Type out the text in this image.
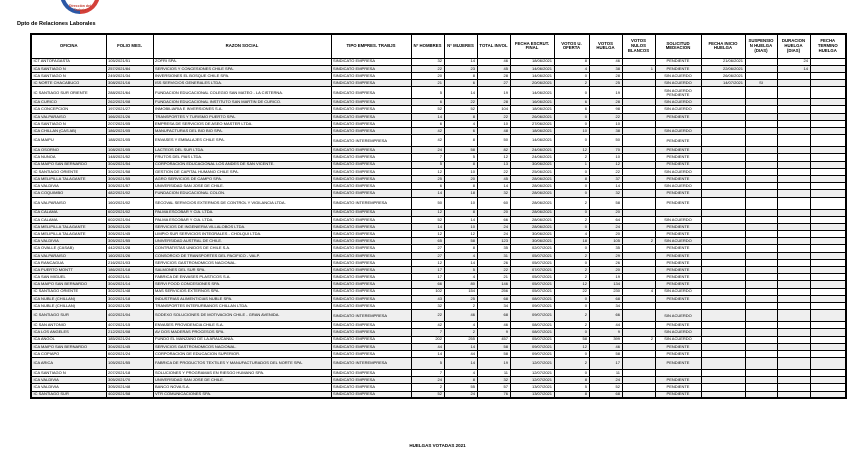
Dirección del
Trabajo
Dpto de Relaciones Laborales
OFICINA	FOLIO MES.	RAZON SOCIAL	TIPO EMPRES. TRABJS	N° HOMBRES	N° MUJERES	TOTAL INVOL	FECHA ESCRUT. FINAL	VOTOS U. OFERTA	VOTOS HUELGA	VOTOS NULOS BLANCOS	SOLICITUD MEDIACION	FECHA INICIO HUELGA	SUSPENSIO N HUELGA (DIAS)	DURACION HUELGA (DIAS)	FECHA TERMINO HUELGA
ICT ANTOFAGASTA	105/2021/51	ZOFRI SPA.	SINDICATO EMPRESA	32	14	46	18/06/2021	8	46		PENDIENTE	21/06/2021		24	
ICA SANTIAGO N	257/2021/84	SERVICIOS Y CONCESIONES CHILE SPA.	SINDICATO EMPRESA	22	23	45	14/06/2021	4	38	1	PENDIENTE	22/06/2021		14	
ICA SANTIAGO N	249/2021/34	INVERSIONES EL BOSQUE CHILE SPA.	SINDICATO EMPRESA	20	8	28	14/06/2021	0	28		SIN ACUERDO	26/06/2021			
IC NORTE CHACABUCO	308/2021/16	ISS SERVICIOS GENERALES LTDA.	SINDICATO EMPRESA	21	6	27	20/06/2021	2	25		SIN ACUERDO	14/07/2021	SI		
IC SANTIAGO SUR ORIENTE	288/2021/64	FUNDACION EDUCACIONAL COLEGIO SAN MATEO - LA CISTERNA.	SINDICATO EMPRESA	5	14	19	14/06/2021	0	19		SIN ACUERDO PENDIENTE				
ICA CURICO	262/2021/08	FUNDACION EDUCACIONAL INSTITUTO SAN MARTIN DE CURICO.	SINDICATO EMPRESA	6	22	28	16/06/2021	6	28		SIN ACUERDO				
ICA CONCEPCION	197/2021/27	INMOBILIARIA E INVERSIONES S.A.	SINDICATO EMPRESA	52	52	104	18/06/2021	6	98		SIN ACUERDO				
ICA VALPARAISO	166/2021/26	TRANSPORTES Y TURISMO PUERTO SPA.	SINDICATO EMPRESA	14	8	22	26/06/2021	0	22		PENDIENTE				
ICA SANTIAGO N	207/2021/05	EMPRESA DE SERVICIOS DE ASEO MASTER LTDA.	SINDICATO EMPRESA	6	4	10	27/06/2021	0	10						
ICA CHILLAN (CAS AB)	186/2021/05	MANUFACTURAS DEL BIO BIO SPA.	SINDICATO EMPRESA	42	6	48	18/06/2021	10	38		SIN ACUERDO				
ICA MAIPU	188/2021/05	ENVASES Y EMBALAJES CHILE SPA.	SINDICATO INTEREMPRESA	42	8	50	14/06/2021	0	50		PENDIENTE				
ICA OSORNO	108/2021/05	LACTEOS DEL SUR LTDA.	SINDICATO EMPRESA	24	58	82	24/06/2021	12	70		PENDIENTE				
ICA NUNOA	148/2021/52	FRUTOS DEL PAIS LTDA.	SINDICATO EMPRESA	7	5	12	24/06/2021	2	10		PENDIENTE				
ICA MAIPO SAN BERNARDO	304/2021/54	CORPORACION EDUCACIONAL LOS ANDES DE SAN VICENTE.	SINDICATO EMPRESA	5	8	13	30/06/2021	1	12		PENDIENTE				
IC SANTIAGO ORIENTE	302/2021/58	GESTION DE CAPITAL HUMANO CHILE SPA.	SINDICATO EMPRESA	12	10	22	25/06/2021	0	22		SIN ACUERDO				
ICA MELIPILLA TALAGANTE	305/2021/55	AGRO SERVICIOS DE CAMPO SPA.	SINDICATO EMPRESA	25	20	45	28/06/2021	8	37		PENDIENTE				
ICA VALDIVIA	305/2021/57	UNIVERSIDAD SAN JOSE DE CHILE.	SINDICATO EMPRESA	6	8	14	28/06/2021	0	14		SIN ACUERDO				
ICA COQUIMBO	482/2021/02	FUNDACION EDUCACIONAL COLON.	SINDICATO EMPRESA	14	18	32	28/06/2021	0	32		PENDIENTE				
ICA VALPARAISO	160/2021/02	SECOVAL SERVICIOS EXTERNOS DE CONTROL Y VIGILANCIA LTDA.	SINDICATO INTEREMPRESA	50	10	60	28/06/2021	2	58		PENDIENTE				
ICA CALAMA	602/2021/02	PALMA ESCOBAR Y CIA. LTDA.	SINDICATO EMPRESA	12	8	20	28/06/2021	0	20						
ICA CALAMA	602/2021/04	PALMA ESCOBAR Y CIA. LTDA.	SINDICATO EMPRESA	52	14	66	28/06/2021	2	64		SIN ACUERDO				
ICA MELIPILLA TALAGANTE	305/2021/20	SERVICIOS DE INGENIERIA VILLALOBOS LTDA.	SINDICATO EMPRESA	14	10	24	28/06/2021	0	24		PENDIENTE				
ICA MELIPILLA TALAGANTE	305/2021/45	LIMPIO SUR SERVICIOS INTEGRALES - CHOLQUI LTDA.	SINDICATO EMPRESA	12	12	24	30/06/2021	4	20		PENDIENTE				
ICA VALDIVIA	305/2021/55	UNIVERSIDAD AUSTRAL DE CHILE.	SINDICATO EMPRESA	65	58	123	30/06/2021	18	105	2	SIN ACUERDO				
ICA OVALLE (CASAB)	442/2021/28	CONTRATISTAS UNIDOS DE CHILE S.A.	SINDICATO EMPRESA	27	8	35	02/07/2021	0	35		PENDIENTE				
ICA VALPARAISO	160/2021/26	CONSORCIO DE TRANSPORTES DEL PACIFICO - VALP.	SINDICATO EMPRESA	27	4	31	05/07/2021	2	29		PENDIENTE				
ICA RANCAGUA	216/2021/03	SERVICIOS GASTRONOMICOS NACIONAL.	SINDICATO EMPRESA	12	14	26	05/07/2021	0	26		PENDIENTE				
ICA PUERTO MONTT	186/2021/18	SALMONES DEL SUR SPA.	SINDICATO EMPRESA	17	5	22	07/07/2021	2	20		PENDIENTE				
ICA SAN MIGUEL	402/2021/11	FABRICA DE ENVASES PLASTICOS S.A.	SINDICATO EMPRESA	17	4	21	05/07/2021	2	19		PENDIENTE				
ICA MAIPO SAN BERNARDO	304/2021/14	SERVI FOOD CONCESIONES SPA.	SINDICATO EMPRESA	66	80	146	05/07/2021	12	134		PENDIENTE				
IC SANTIAGO ORIENTE	302/2021/48	MAS SERVICIOS EXTERNOS SPA.	SINDICATO EMPRESA	102	154	256	05/07/2021	22	230	4	SIN ACUERDO				
ICA NUBLE (CHILLAN)	302/2021/18	INDUSTRIAS ALIMENTICIAS NUBLE SPA.	SINDICATO EMPRESA	43	25	68	08/07/2021	0	68		PENDIENTE				
ICA NUBLE (CHILLAN)	302/2021/25	TRANSPORTES INTERURBANOS CHILLAN LTDA.	SINDICATO EMPRESA	32	2	34	09/07/2021	0	34						
IC SANTIAGO SUR	402/2021/04	SODEXO SOLUCIONES DE MOTIVACION CHILE - GRAN AVENIDA.	SINDICATO INTEREMPRESA	22	46	68	09/07/2021	2	66		SIN ACUERDO				
IC SAN ANTONIO	407/2021/15	ENVASES PROVIDENCIA CHILE S.A.	SINDICATO EMPRESA	42	4	46	08/07/2021	2	44		PENDIENTE				
ICA LOS ANGELES	212/2021/08	AV DOS MADERAS PROCESOS SPA.	SINDICATO EMPRESA	7	2	9	08/07/2021	0	9		SIN ACUERDO				
ICA ANGOL	185/2021/24	FUNDO EL MANZANO DE LA ARAUCANIA.	SINDICATO EMPRESA	202	255	457	05/07/2021	58	399	2	SIN ACUERDO				
ICA MAIPO SAN BERNARDO	304/2021/45	SERVICIOS GASTRONOMICOS NACIONAL.	SINDICATO EMPRESA	44	14	58	09/07/2021	12	46		PENDIENTE				
ICA COPIAPO	602/2021/24	CORPORACION DE EDUCACION SUPERIOR.	SINDICATO EMPRESA	14	44	58	09/07/2021	0	58		PENDIENTE				
ICA ARICA	105/2021/55	FABRICA DE PRODUCTOS TEXTILES Y MANUFACTURADOS DEL NORTE SPA.	SINDICATO INTEREMPRESA	5	14	19	12/07/2021	2	17		PENDIENTE				
ICA SANTIAGO N	207/2021/18	SOLUCIONES Y PROGRAMAS EN RIESGO HUMANO SPA.	SINDICATO EMPRESA	7	4	11	12/07/2021	0	11						
ICA VALDIVIA	305/2021/70	UNIVERSIDAD SAN JOSE DE CHILE.	SINDICATO EMPRESA	24	8	32	12/07/2021	8	24		PENDIENTE				
ICA VALDIVIA	305/2021/48	BANCO NOVA S.A.	SINDICATO EMPRESA	2	55	57	13/07/2021	5	52		PENDIENTE				
IC SANTIAGO SUR	402/2021/58	VTR COMUNICACIONES SPA.	SINDICATO EMPRESA	52	24	76	13/07/2021	8	68		PENDIENTE				
HUELGAS VOTADAS 2021
